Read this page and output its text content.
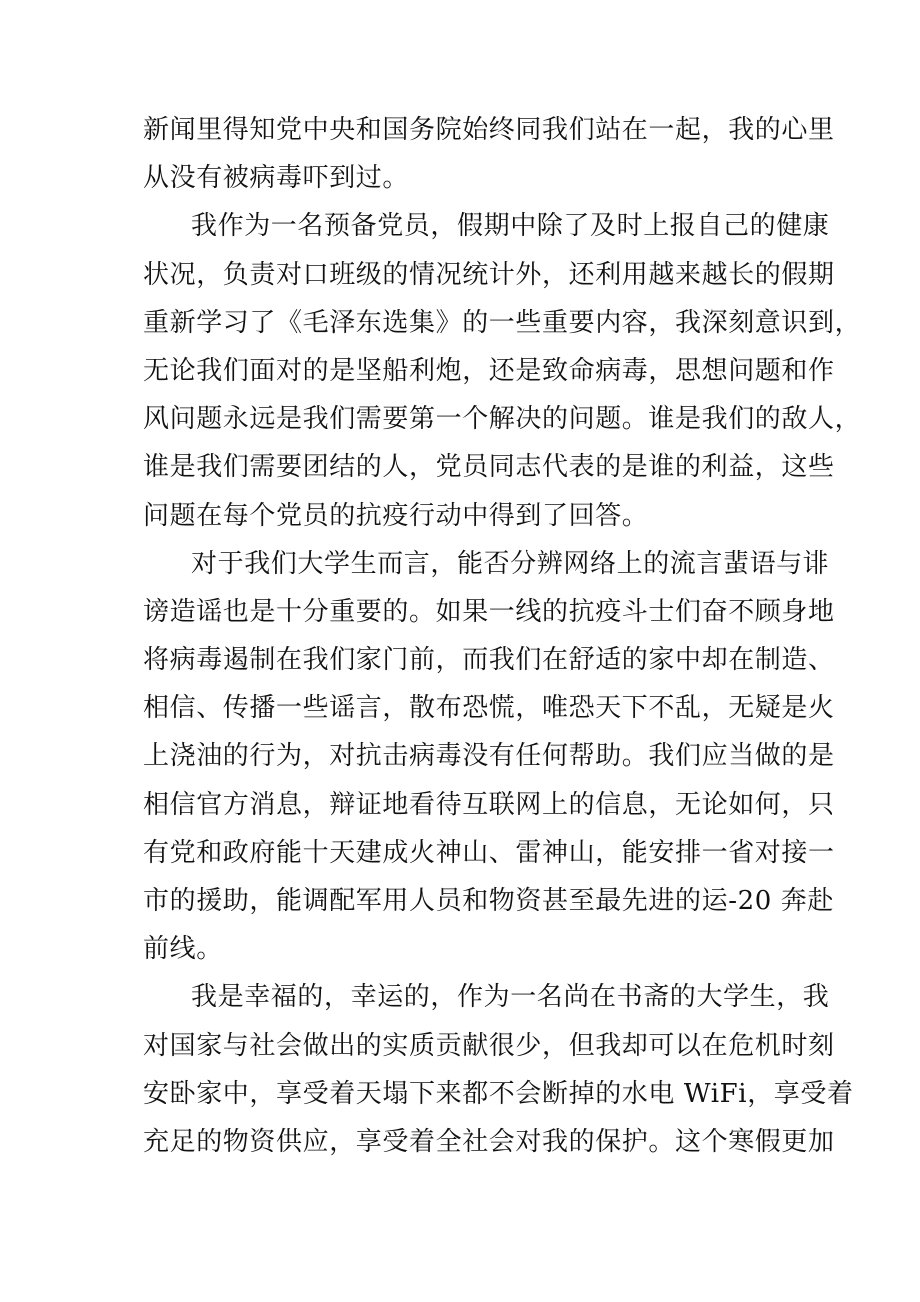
新闻里得知党中央和国务院始终同我们站在一起，我的心里
从没有被病毒吓到过。
我作为一名预备党员，假期中除了及时上报自己的健康
状况，负责对口班级的情况统计外，还利用越来越长的假期
重新学习了《毛泽东选集》的一些重要内容，我深刻意识到，
无论我们面对的是坚船利炮，还是致命病毒，思想问题和作
风问题永远是我们需要第一个解决的问题。谁是我们的敌人，
谁是我们需要团结的人，党员同志代表的是谁的利益，这些
问题在每个党员的抗疫行动中得到了回答。
对于我们大学生而言，能否分辨网络上的流言蜚语与诽
谤造谣也是十分重要的。如果一线的抗疫斗士们奋不顾身地
将病毒遏制在我们家门前，而我们在舒适的家中却在制造、
相信、传播一些谣言，散布恐慌，唯恐天下不乱，无疑是火
上浇油的行为，对抗击病毒没有任何帮助。我们应当做的是
相信官方消息，辩证地看待互联网上的信息，无论如何，只
有党和政府能十天建成火神山、雷神山，能安排一省对接一
市的援助，能调配军用人员和物资甚至最先进的运-20 奔赴
前线。
我是幸福的，幸运的，作为一名尚在书斋的大学生，我
对国家与社会做出的实质贡献很少，但我却可以在危机时刻
安卧家中，享受着天塌下来都不会断掉的水电 WiFi，享受着
充足的物资供应，享受着全社会对我的保护。这个寒假更加
